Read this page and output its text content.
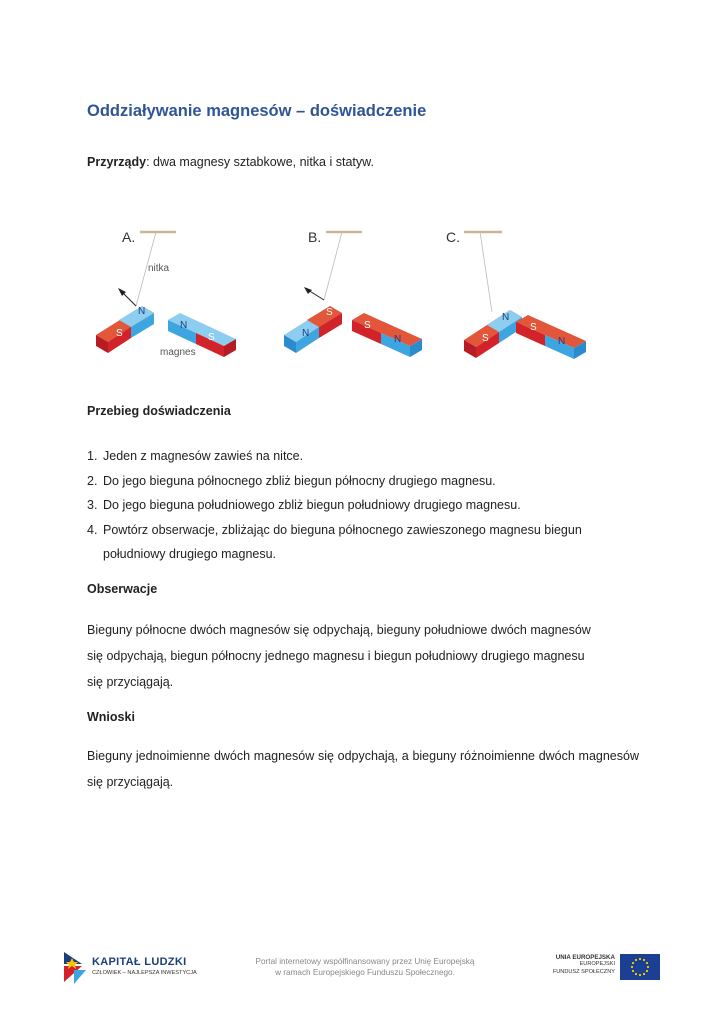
Oddziaływanie magnesów – doświadczenie
Przyrządy: dwa magnesy sztabkowe, nitka i statyw.
A.
nitka
S
N
N
S
magnes
B.
N
S
S
N
C.
S
N
S
N
Przebieg doświadczenia
1. Jeden z magnesów zawieś na nitce.
2. Do jego bieguna północnego zbliż biegun północny drugiego magnesu.
3. Do jego bieguna południowego zbliż biegun południowy drugiego magnesu.
4. Powtórz obserwacje, zbliżając do bieguna północnego zawieszonego magnesu biegun południowy drugiego magnesu.
Obserwacje
Bieguny północne dwóch magnesów się odpychają, bieguny południowe dwóch magnesów
się odpychają, biegun północny jednego magnesu i biegun południowy drugiego magnesu
się przyciągają.
Wnioski

Bieguny jednoimienne dwóch magnesów się odpychają, a bieguny różnoimienne dwóch magnesów się przyciągają.

KAPITAŁ LUDZKI
CZŁOWIEK – NAJLEPSZA INWESTYCJA
Portal internetowy współfinansowany przez Unię Europejską
w ramach Europejskiego Funduszu Społecznego.
UNIA EUROPEJSKA
EUROPEJSKI
FUNDUSZ SPOŁECZNY
